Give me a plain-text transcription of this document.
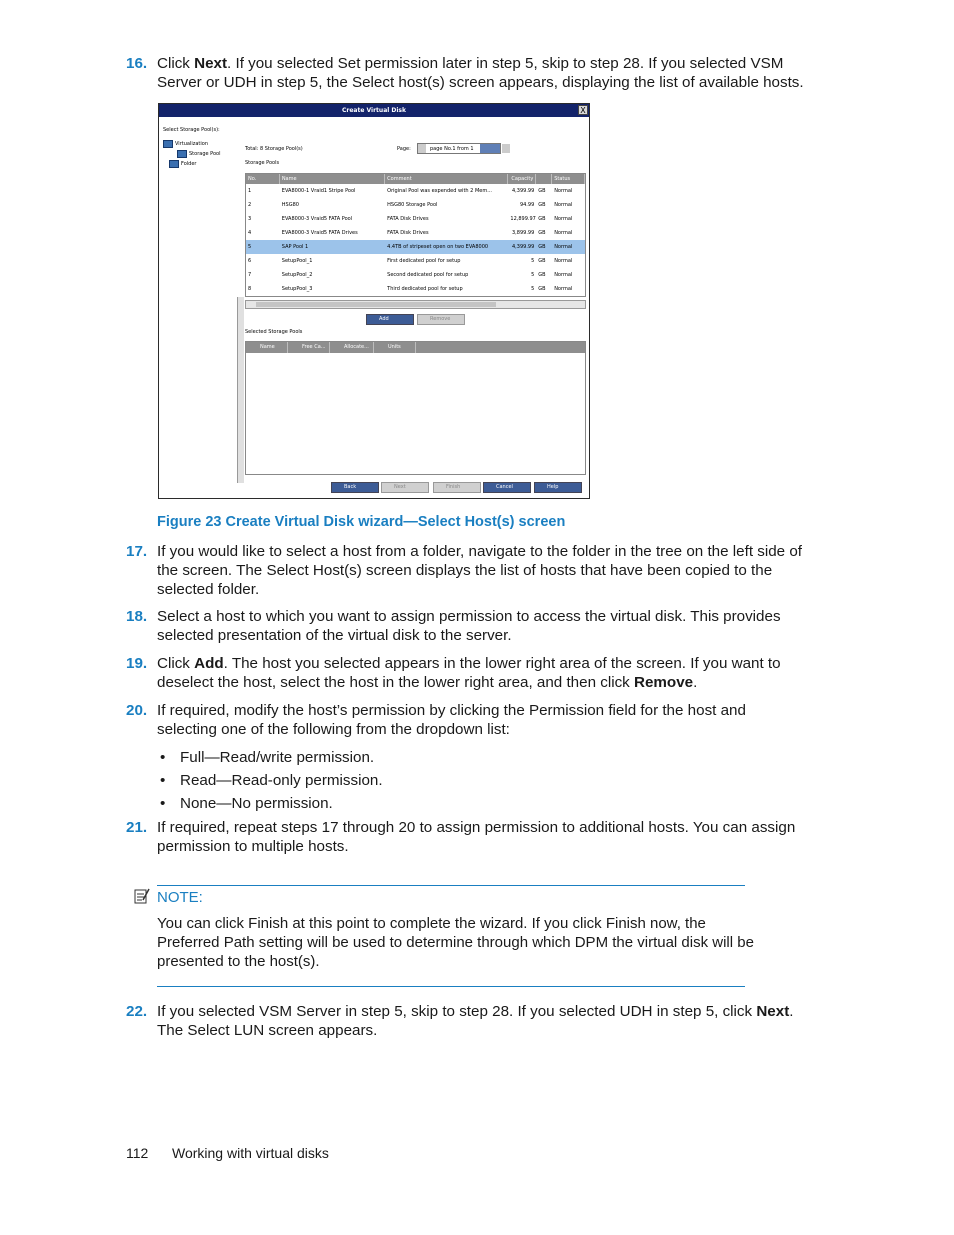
16. Click Next. If you selected Set permission later in step 5, skip to step 28. If you selected VSM Server or UDH in step 5, the Select host(s) screen appears, displaying the list of available hosts.
Create Virtual Disk	X
Select Storage Pool(s):
Virtualization
Storage Pool
Folder
Total: 8 Storage Pool(s)	Page:	page No.1 from 1
Storage Pools
No.	Name	Comment	Capacity	Status
1	EVA8000-1 Vraid1 Stripe Pool	Original Pool was expended with 2 Mem...	4,399.99 GB	Normal
2	HSG80	HSG80 Storage Pool	94.99 GB	Normal
3	EVA8000-3 Vraid5 FATA Pool	FATA Disk Drives	12,899.97 GB	Normal
4	EVA8000-3 Vraid5 FATA Drives	FATA Disk Drives	3,899.99 GB	Normal
5	SAP Pool 1	4.4TB of stripeset open on two EVA8000	4,399.99 GB	Normal
6	SetupPool_1	First dedicated pool for setup	5 GB	Normal
7	SetupPool_2	Second dedicated pool for setup	5 GB	Normal
8	SetupPool_3	Third dedicated pool for setup	5 GB	Normal
Add	Remove
Selected Storage Pools
Name	Free Ca...	Allocate...	Units
Back	Next	Finish	Cancel	Help
Figure 23 Create Virtual Disk wizard—Select Host(s) screen
17. If you would like to select a host from a folder, navigate to the folder in the tree on the left side of the screen. The Select Host(s) screen displays the list of hosts that have been copied to the selected folder.
18. Select a host to which you want to assign permission to access the virtual disk. This provides selected presentation of the virtual disk to the server.
19. Click Add. The host you selected appears in the lower right area of the screen. If you want to deselect the host, select the host in the lower right area, and then click Remove.
20. If required, modify the host’s permission by clicking the Permission field for the host and selecting one of the following from the dropdown list:
• Full—Read/write permission.
• Read—Read-only permission.
• None—No permission.
21. If required, repeat steps 17 through 20 to assign permission to additional hosts. You can assign permission to multiple hosts.
NOTE:
You can click Finish at this point to complete the wizard. If you click Finish now, the Preferred Path setting will be used to determine through which DPM the virtual disk will be presented to the host(s).
22. If you selected VSM Server in step 5, skip to step 28. If you selected UDH in step 5, click Next. The Select LUN screen appears.
112 Working with virtual disks
